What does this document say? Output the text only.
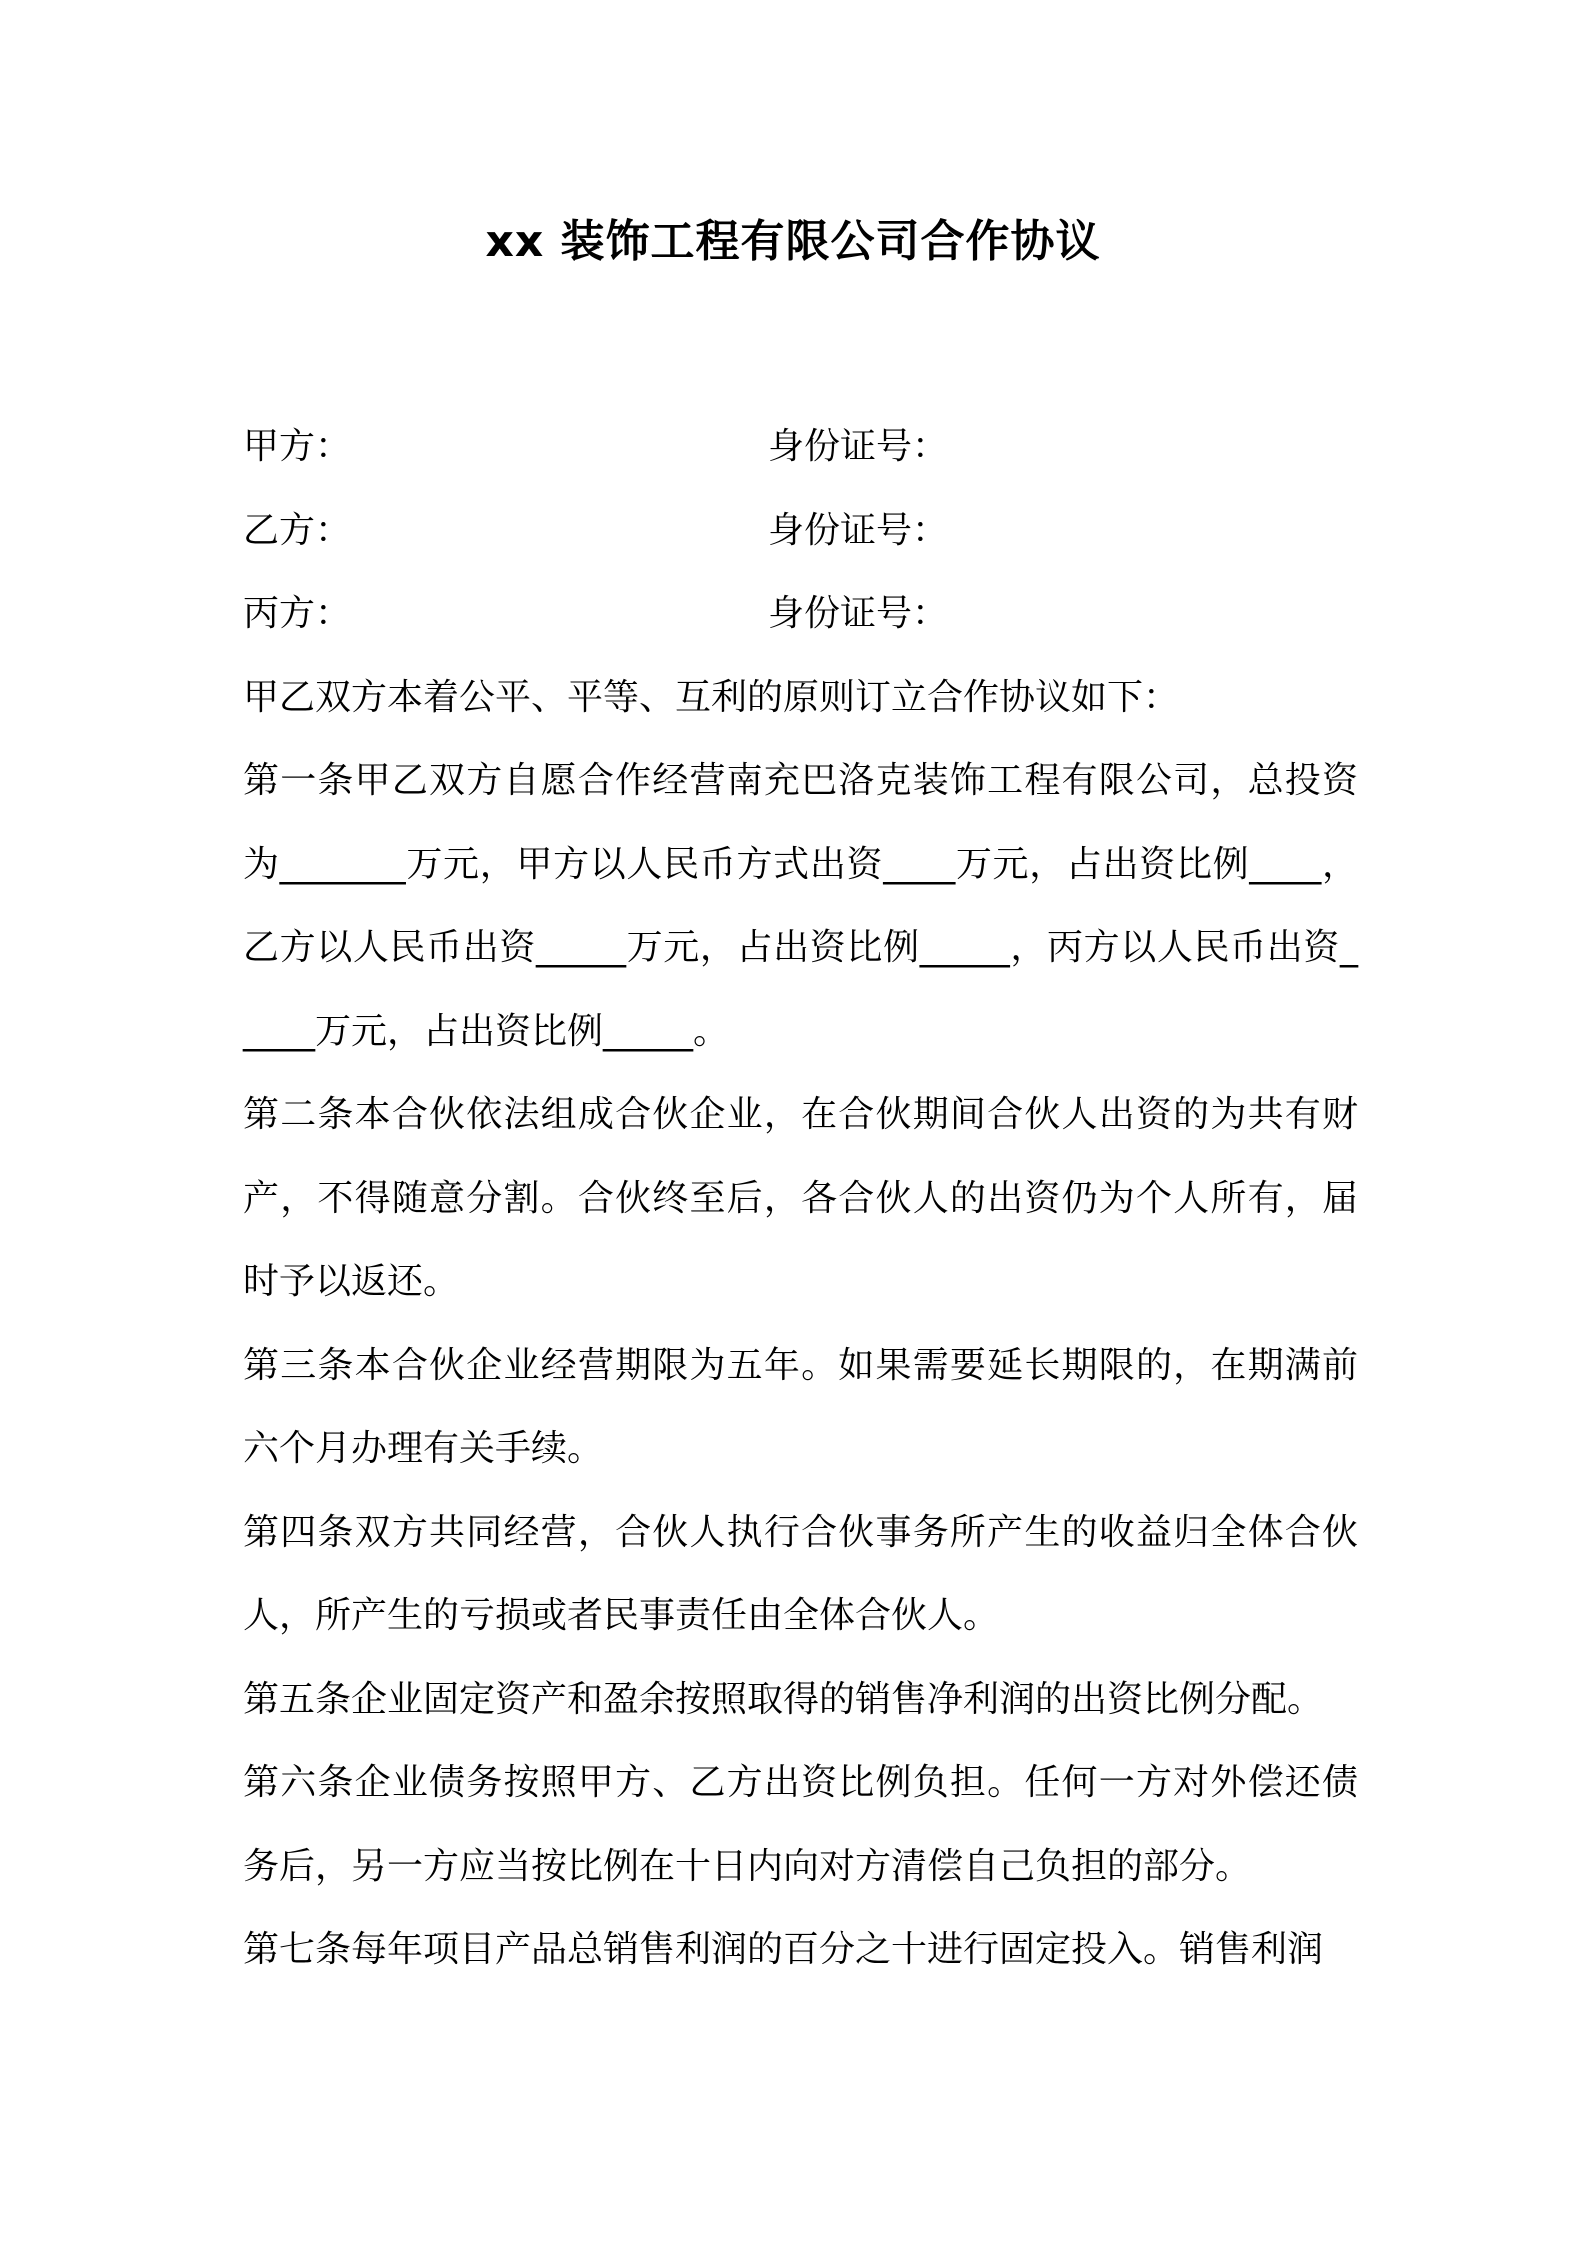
xx 装饰工程有限公司合作协议
甲方：	身份证号：
乙方：	身份证号：
丙方：	身份证号：

甲乙双方本着公平、平等、互利的原则订立合作协议如下：

第一条甲乙双方自愿合作经营南充巴洛克装饰工程有限公司，总投资为_______万元，甲方以人民币方式出资____万元，占出资比例____，乙方以人民币出资_____万元，占出资比例_____，丙方以人民币出资_____万元，占出资比例_____。

第二条本合伙依法组成合伙企业，在合伙期间合伙人出资的为共有财产，不得随意分割。合伙终至后，各合伙人的出资仍为个人所有，届时予以返还。

第三条本合伙企业经营期限为五年。如果需要延长期限的，在期满前六个月办理有关手续。

第四条双方共同经营，合伙人执行合伙事务所产生的收益归全体合伙人，所产生的亏损或者民事责任由全体合伙人。

第五条企业固定资产和盈余按照取得的销售净利润的出资比例分配。

第六条企业债务按照甲方、乙方出资比例负担。任何一方对外偿还债务后，另一方应当按比例在十日内向对方清偿自己负担的部分。

第七条每年项目产品总销售利润的百分之十进行固定投入。销售利润
